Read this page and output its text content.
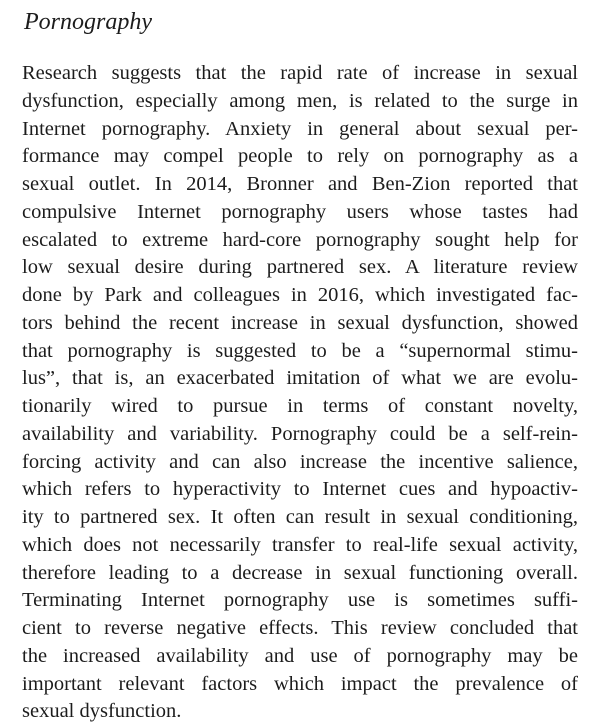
Pornography
Research suggests that the rapid rate of increase in sexual
dysfunction, especially among men, is related to the surge in
Internet pornography. Anxiety in general about sexual per-
formance may compel people to rely on pornography as a
sexual outlet. In 2014, Bronner and Ben-Zion reported that
compulsive Internet pornography users whose tastes had
escalated to extreme hard-core pornography sought help for
low sexual desire during partnered sex. A literature review
done by Park and colleagues in 2016, which investigated fac-
tors behind the recent increase in sexual dysfunction, showed
that pornography is suggested to be a “supernormal stimu-
lus”, that is, an exacerbated imitation of what we are evolu-
tionarily wired to pursue in terms of constant novelty,
availability and variability. Pornography could be a self-rein-
forcing activity and can also increase the incentive salience,
which refers to hyperactivity to Internet cues and hypoactiv-
ity to partnered sex. It often can result in sexual conditioning,
which does not necessarily transfer to real-life sexual activity,
therefore leading to a decrease in sexual functioning overall.
Terminating Internet pornography use is sometimes suffi-
cient to reverse negative effects. This review concluded that
the increased availability and use of pornography may be
important relevant factors which impact the prevalence of
sexual dysfunction.
